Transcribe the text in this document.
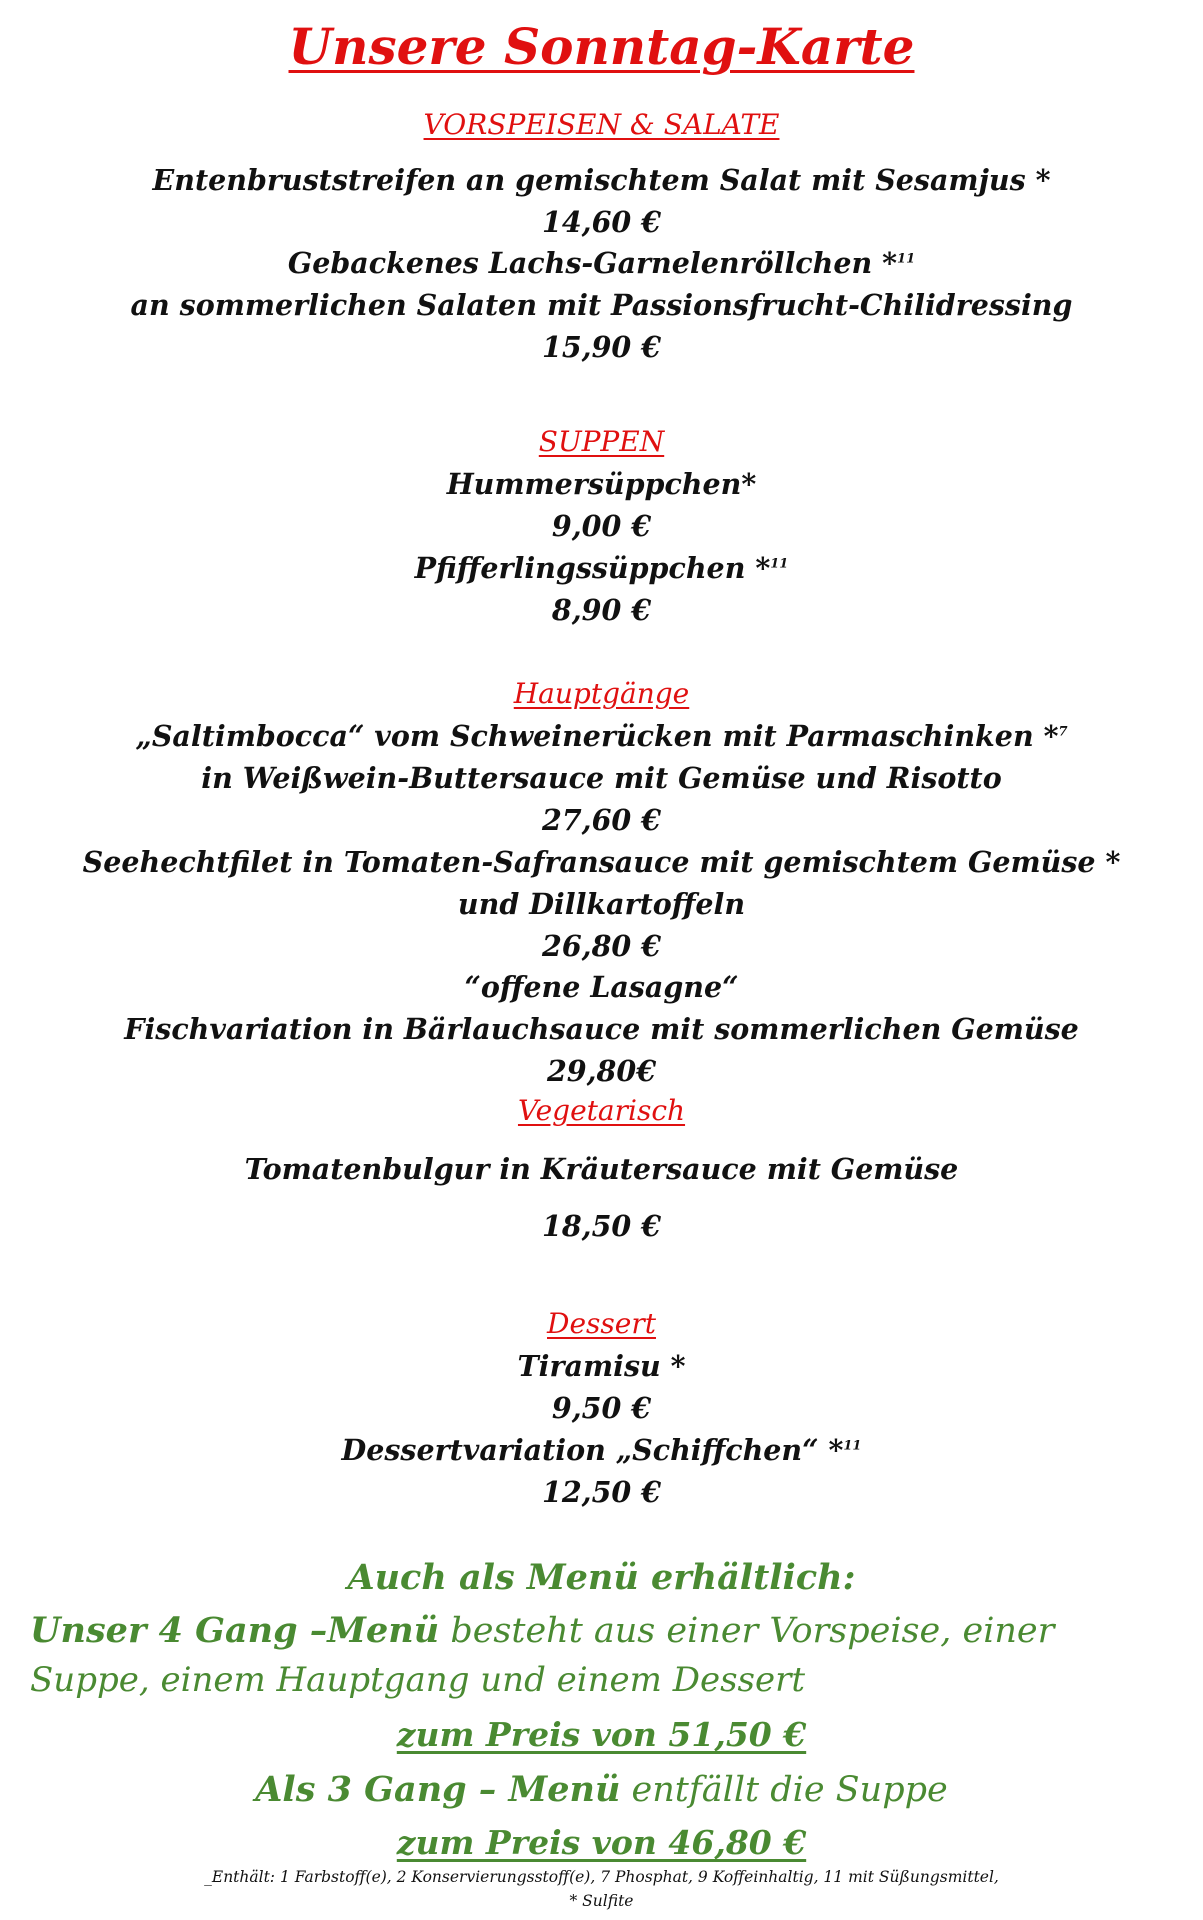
Unsere Sonntag-Karte

VORSPEISEN & SALATE

Entenbruststreifen an gemischtem Salat mit Sesamjus *

14,60 €

Gebackenes Lachs-Garnelenröllchen *$^{11}$

an sommerlichen Salaten mit Passionsfrucht-Chilidressing

15,90 €

SUPPEN

Hummersüppchen*

9,00 €

Pfifferlingssüppchen *$^{11}$

8,90 €

Hauptgänge

„Saltimbocca“ vom Schweinerücken mit Parmaschinken *$^7$

in Weißwein-Buttersauce mit Gemüse und Risotto

27,60 €

Seehechtfilet in Tomaten-Safransauce mit gemischtem Gemüse *

und Dillkartoffeln

26,80 €

“offene Lasagne“

Fischvariation in Bärlauchsauce mit sommerlichen Gemüse

29,80€

Vegetarisch

Tomatenbulgur in Kräutersauce mit Gemüse

18,50 €

Dessert

Tiramisu *

9,50 €

Dessertvariation „Schiffchen“ *$^{11}$

12,50 €

Auch als Menü erhältlich:

Unser 4 Gang –Menü besteht aus einer Vorspeise, einer

Suppe, einem Hauptgang und einem Dessert

zum Preis von 51,50 €

Als 3 Gang – Menü entfällt die Suppe

zum Preis von 46,80 €

_Enthält: 1 Farbstoff(e), 2 Konservierungsstoff(e), 7 Phosphat, 9 Koffeinhaltig, 11 mit Süßungsmittel,

* Sulfite
